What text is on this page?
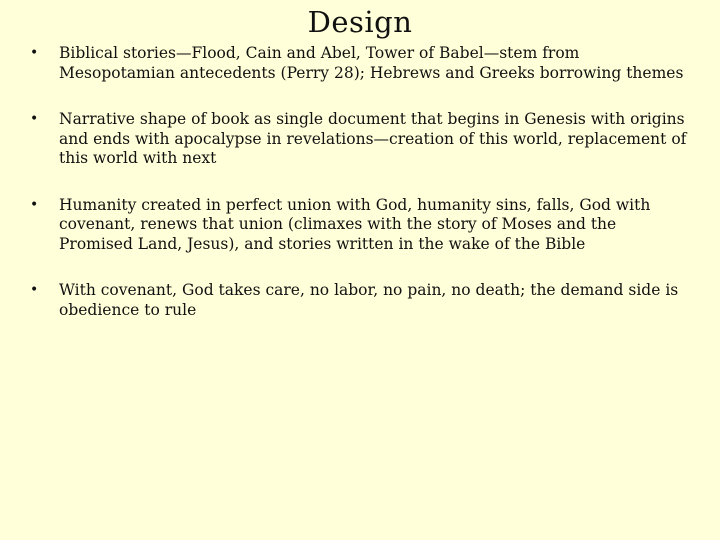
Design
• Biblical stories—Flood, Cain and Abel, Tower of Babel—stem from Mesopotamian antecedents (Perry 28); Hebrews and Greeks borrowing themes
• Narrative shape of book as single document that begins in Genesis with origins and ends with apocalypse in revelations—creation of this world, replacement of this world with next
• Humanity created in perfect union with God, humanity sins, falls, God with covenant, renews that union (climaxes with the story of Moses and the Promised Land, Jesus), and stories written in the wake of the Bible
• With covenant, God takes care, no labor, no pain, no death; the demand side is obedience to rule
